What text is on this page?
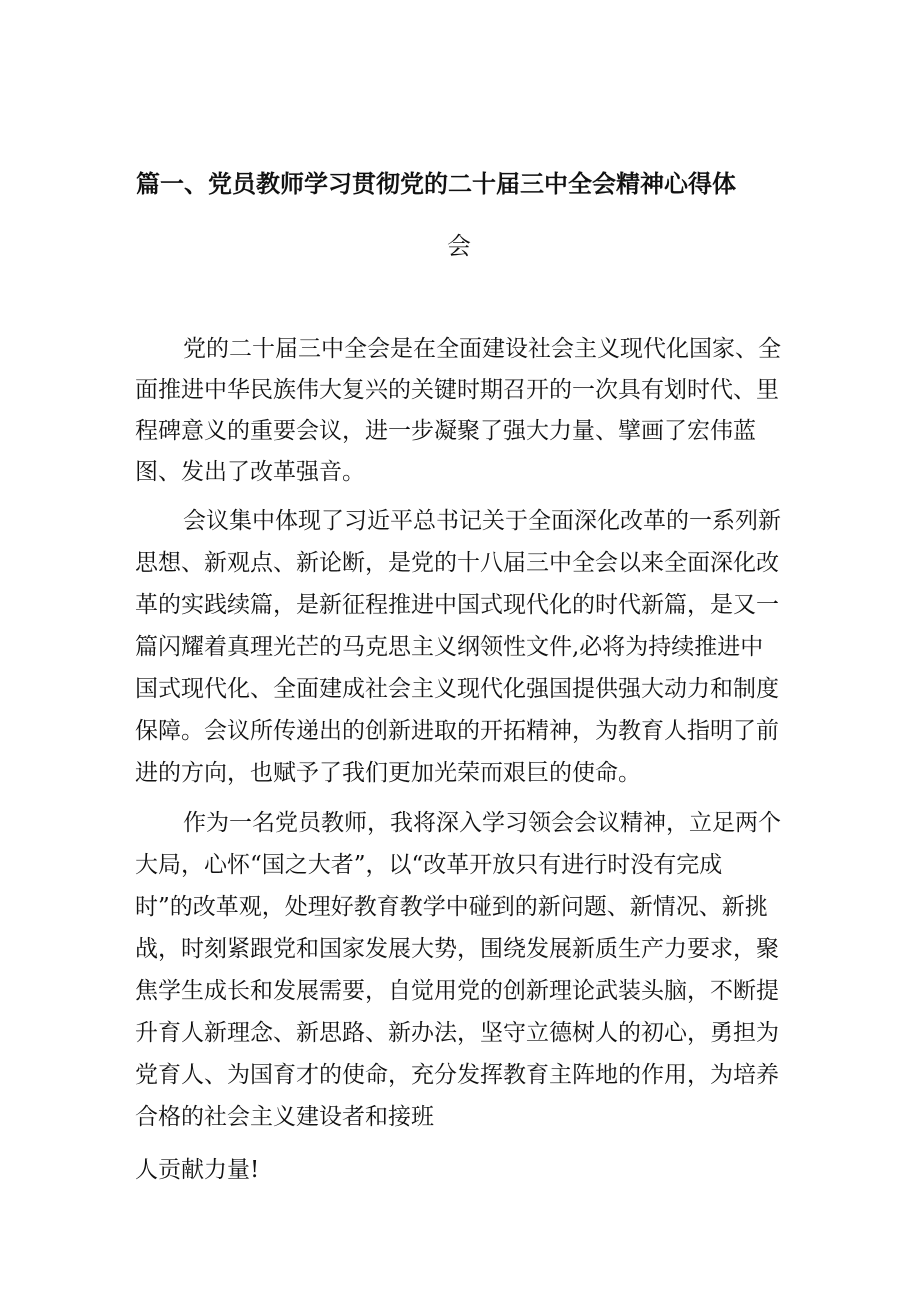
篇一、党员教师学习贯彻党的二十届三中全会精神心得体
会

党的二十届三中全会是在全面建设社会主义现代化国家、全

面推进中华民族伟大复兴的关键时期召开的一次具有划时代、里

程碑意义的重要会议，进一步凝聚了强大力量、擘画了宏伟蓝

图、发出了改革强音。

会议集中体现了习近平总书记关于全面深化改革的一系列新

思想、新观点、新论断，是党的十八届三中全会以来全面深化改

革的实践续篇，是新征程推进中国式现代化的时代新篇，是又一

篇闪耀着真理光芒的马克思主义纲领性文件,必将为持续推进中

国式现代化、全面建成社会主义现代化强国提供强大动力和制度

保障。会议所传递出的创新进取的开拓精神，为教育人指明了前

进的方向，也赋予了我们更加光荣而艰巨的使命。

作为一名党员教师，我将深入学习领会会议精神，立足两个

大局，心怀“国之大者”，以“改革开放只有进行时没有完成

时”的改革观，处理好教育教学中碰到的新问题、新情况、新挑

战，时刻紧跟党和国家发展大势，围绕发展新质生产力要求，聚

焦学生成长和发展需要，自觉用党的创新理论武装头脑，不断提

升育人新理念、新思路、新办法，坚守立德树人的初心，勇担为

党育人、为国育才的使命，充分发挥教育主阵地的作用，为培养

合格的社会主义建设者和接班

人贡献力量!
